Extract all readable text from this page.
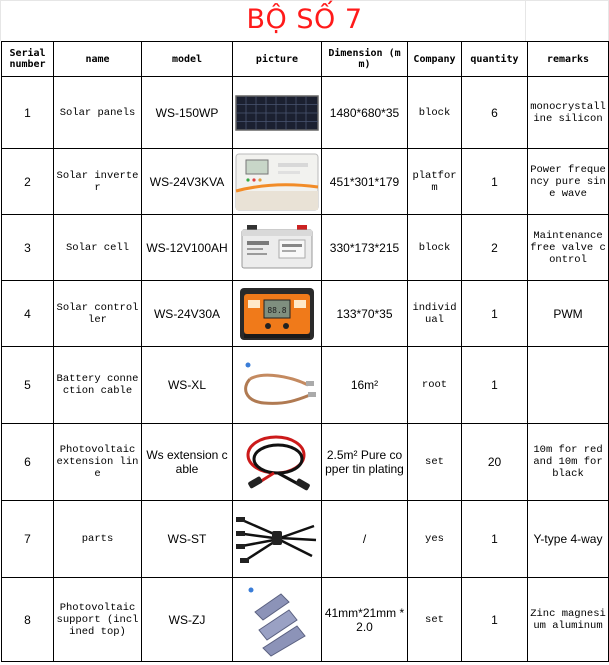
BỘ SỐ 7
Serial number	name	model	picture	Dimension (mm)	Company	quantity	remarks
1	Solar panels	WS-150WP		1480*680*35	block	6	monocrystalline silicon
2	Solar inverter	WS-24V3KVA		451*301*179	platform	1	Power frequency pure sine wave
3	Solar cell	WS-12V100AH		330*173*215	block	2	Maintenance free valve control
4	Solar controller	WS-24V30A	88.8	133*70*35	individual	1	PWM
5	Battery connection cable	WS-XL		16m²	root	1	
6	Photovoltaic extension line	Ws extension cable		2.5m² Pure copper tin plating	set	20	10m for red and 10m for black
7	parts	WS-ST		/	yes	1	Y-type 4-way
8	Photovoltaic support (inclined top)	WS-ZJ		41mm*21mm *2.0	set	1	Zinc magnesium aluminum
